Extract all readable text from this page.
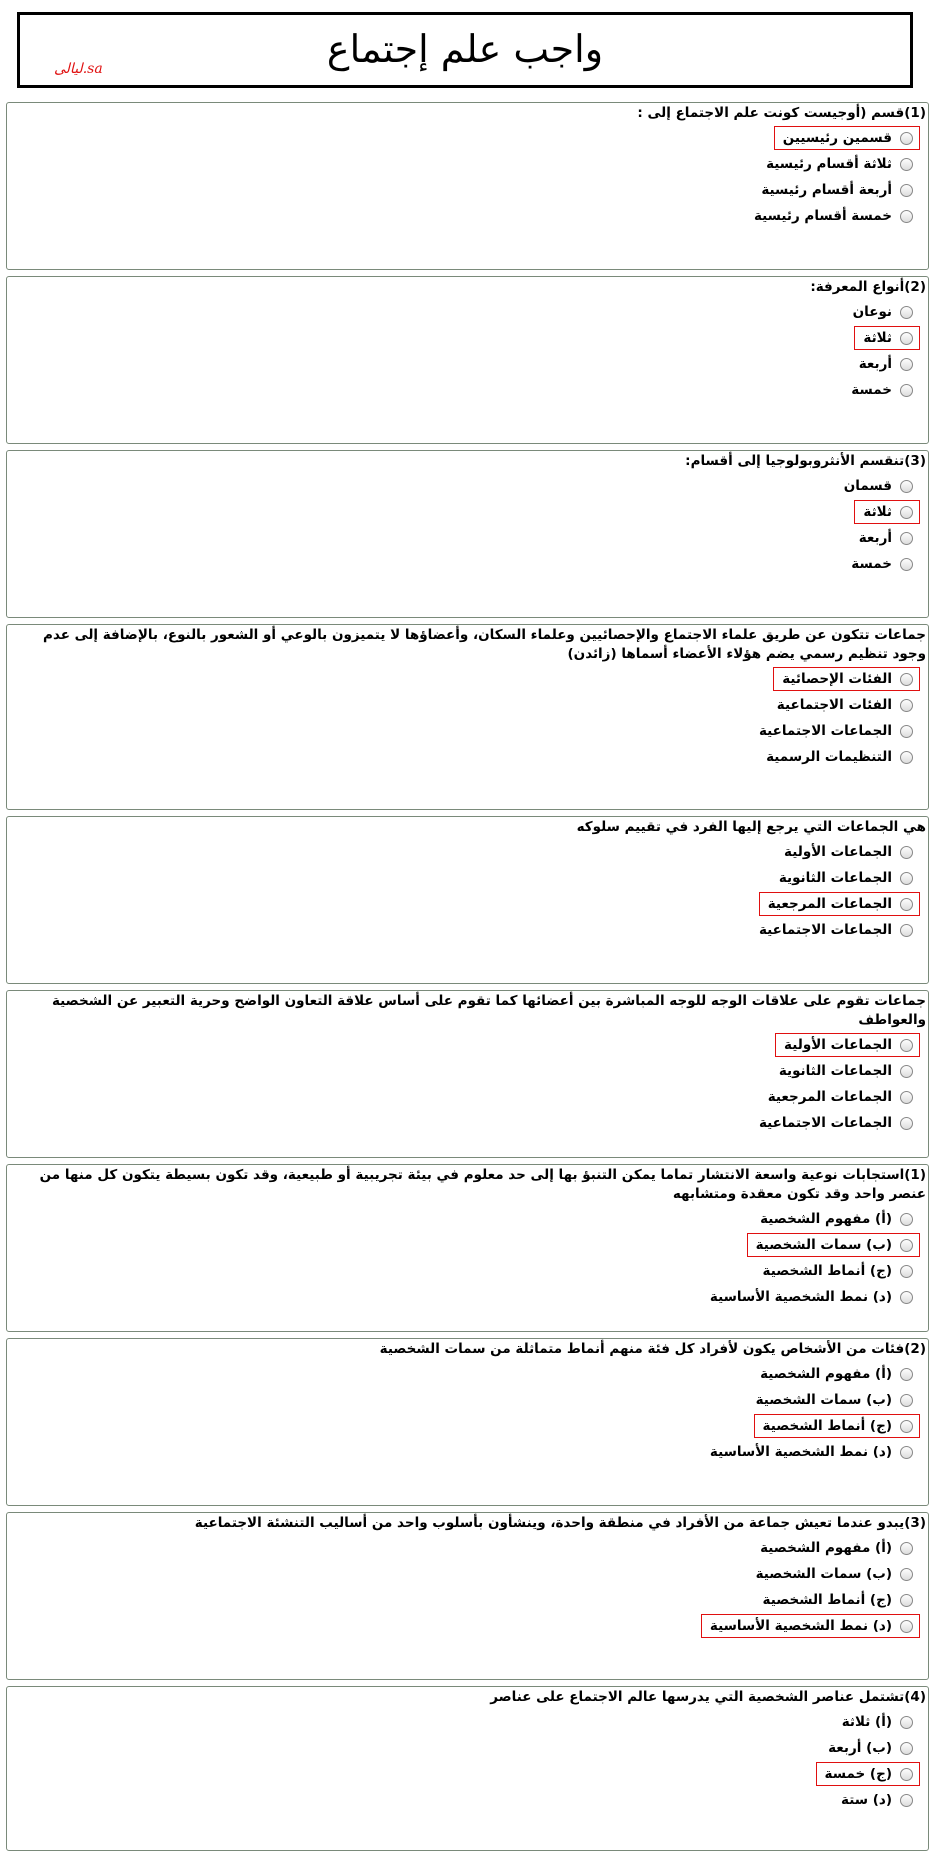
واجب علم إجتماع
ليالى.sa
(1)قسم (أوجيست كونت علم الاجتماع إلى :
قسمين رئيسيين
ثلاثة أقسام رئيسية
أربعة أقسام رئيسية
خمسة أقسام رئيسية
(2)أنواع المعرفة:
نوعان
ثلاثة
أربعة
خمسة
(3)تنقسم الأنثروبولوجيا إلى أقسام:
قسمان
ثلاثة
أربعة
خمسة
جماعات تتكون عن طريق علماء الاجتماع والإحصائيين وعلماء السكان، وأعضاؤها لا يتميزون بالوعي أو الشعور بالنوع، بالإضافة إلى عدم وجود تنظيم رسمي يضم هؤلاء الأعضاء أسماها (زائدن)
الفئات الإحصائية
الفئات الاجتماعية
الجماعات الاجتماعية
التنظيمات الرسمية
هي الجماعات التي يرجع إليها الفرد في تقييم سلوكه
الجماعات الأولية
الجماعات الثانوية
الجماعات المرجعية
الجماعات الاجتماعية
جماعات تقوم على علاقات الوجه للوجه المباشرة بين أعضائها كما تقوم على أساس علاقة التعاون الواضح وحرية التعبير عن الشخصية والعواطف
الجماعات الأولية
الجماعات الثانوية
الجماعات المرجعية
الجماعات الاجتماعية
(1)استجابات نوعية واسعة الانتشار تماما يمكن التنبؤ بها إلى حد معلوم في بيئة تجريبية أو طبيعية، وقد تكون بسيطة يتكون كل منها من عنصر واحد وقد تكون معقدة ومتشابهه
(أ) مفهوم الشخصية
(ب) سمات الشخصية
(ج) أنماط الشخصية
(د) نمط الشخصية الأساسية
(2)فئات من الأشخاص يكون لأفراد كل فئة منهم أنماط متماثلة من سمات الشخصية
(أ) مفهوم الشخصية
(ب) سمات الشخصية
(ج) أنماط الشخصية
(د) نمط الشخصية الأساسية
(3)يبدو عندما تعيش جماعة من الأفراد في منطقة واحدة، وينشأون بأسلوب واحد من أساليب التنشئة الاجتماعية
(أ) مفهوم الشخصية
(ب) سمات الشخصية
(ج) أنماط الشخصية
(د) نمط الشخصية الأساسية
(4)تشتمل عناصر الشخصية التي يدرسها عالم الاجتماع على عناصر
(أ) ثلاثة
(ب) أربعة
(ج) خمسة
(د) ستة
